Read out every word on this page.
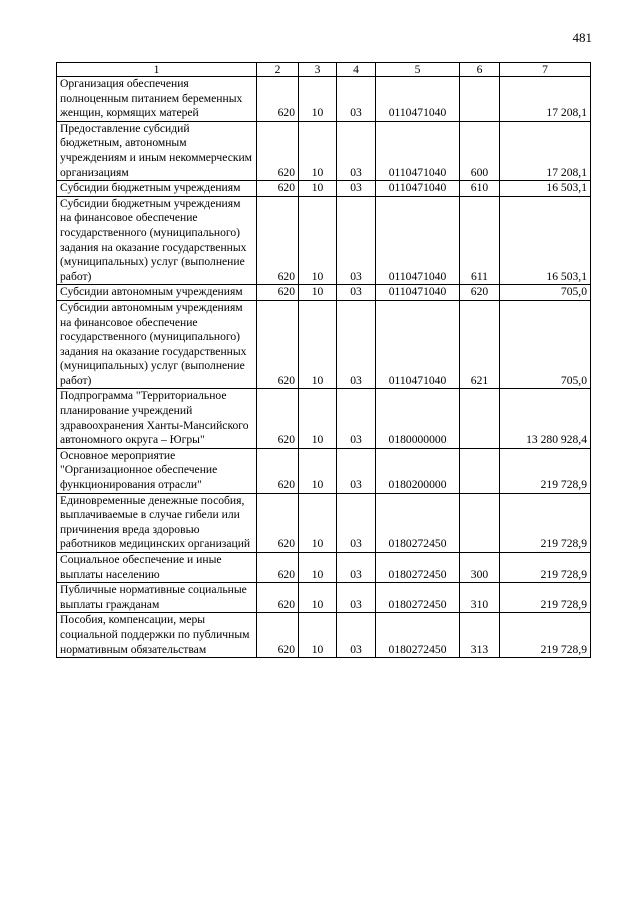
481
1	2	3	4	5	6	7
Организация обеспечения полноценным питанием беременных женщин, кормящих матерей	620	10	03	0110471040		17 208,1
Предоставление субсидий бюджетным, автономным учреждениям и иным некоммерческим организациям	620	10	03	0110471040	600	17 208,1
Субсидии бюджетным учреждениям	620	10	03	0110471040	610	16 503,1
Субсидии бюджетным учреждениям на финансовое обеспечение государственного (муниципального) задания на оказание государственных (муниципальных) услуг (выполнение работ)	620	10	03	0110471040	611	16 503,1
Субсидии автономным учреждениям	620	10	03	0110471040	620	705,0
Субсидии автономным учреждениям на финансовое обеспечение государственного (муниципального) задания на оказание государственных (муниципальных) услуг (выполнение работ)	620	10	03	0110471040	621	705,0
Подпрограмма "Территориальное планирование учреждений здравоохранения Ханты-Мансийского автономного округа – Югры"	620	10	03	0180000000		13 280 928,4
Основное мероприятие "Организационное обеспечение функционирования отрасли"	620	10	03	0180200000		219 728,9
Единовременные денежные пособия, выплачиваемые в случае гибели или причинения вреда здоровью работников медицинских организаций	620	10	03	0180272450		219 728,9
Социальное обеспечение и иные выплаты населению	620	10	03	0180272450	300	219 728,9
Публичные нормативные социальные выплаты гражданам	620	10	03	0180272450	310	219 728,9
Пособия, компенсации, меры социальной поддержки по публичным нормативным обязательствам	620	10	03	0180272450	313	219 728,9
